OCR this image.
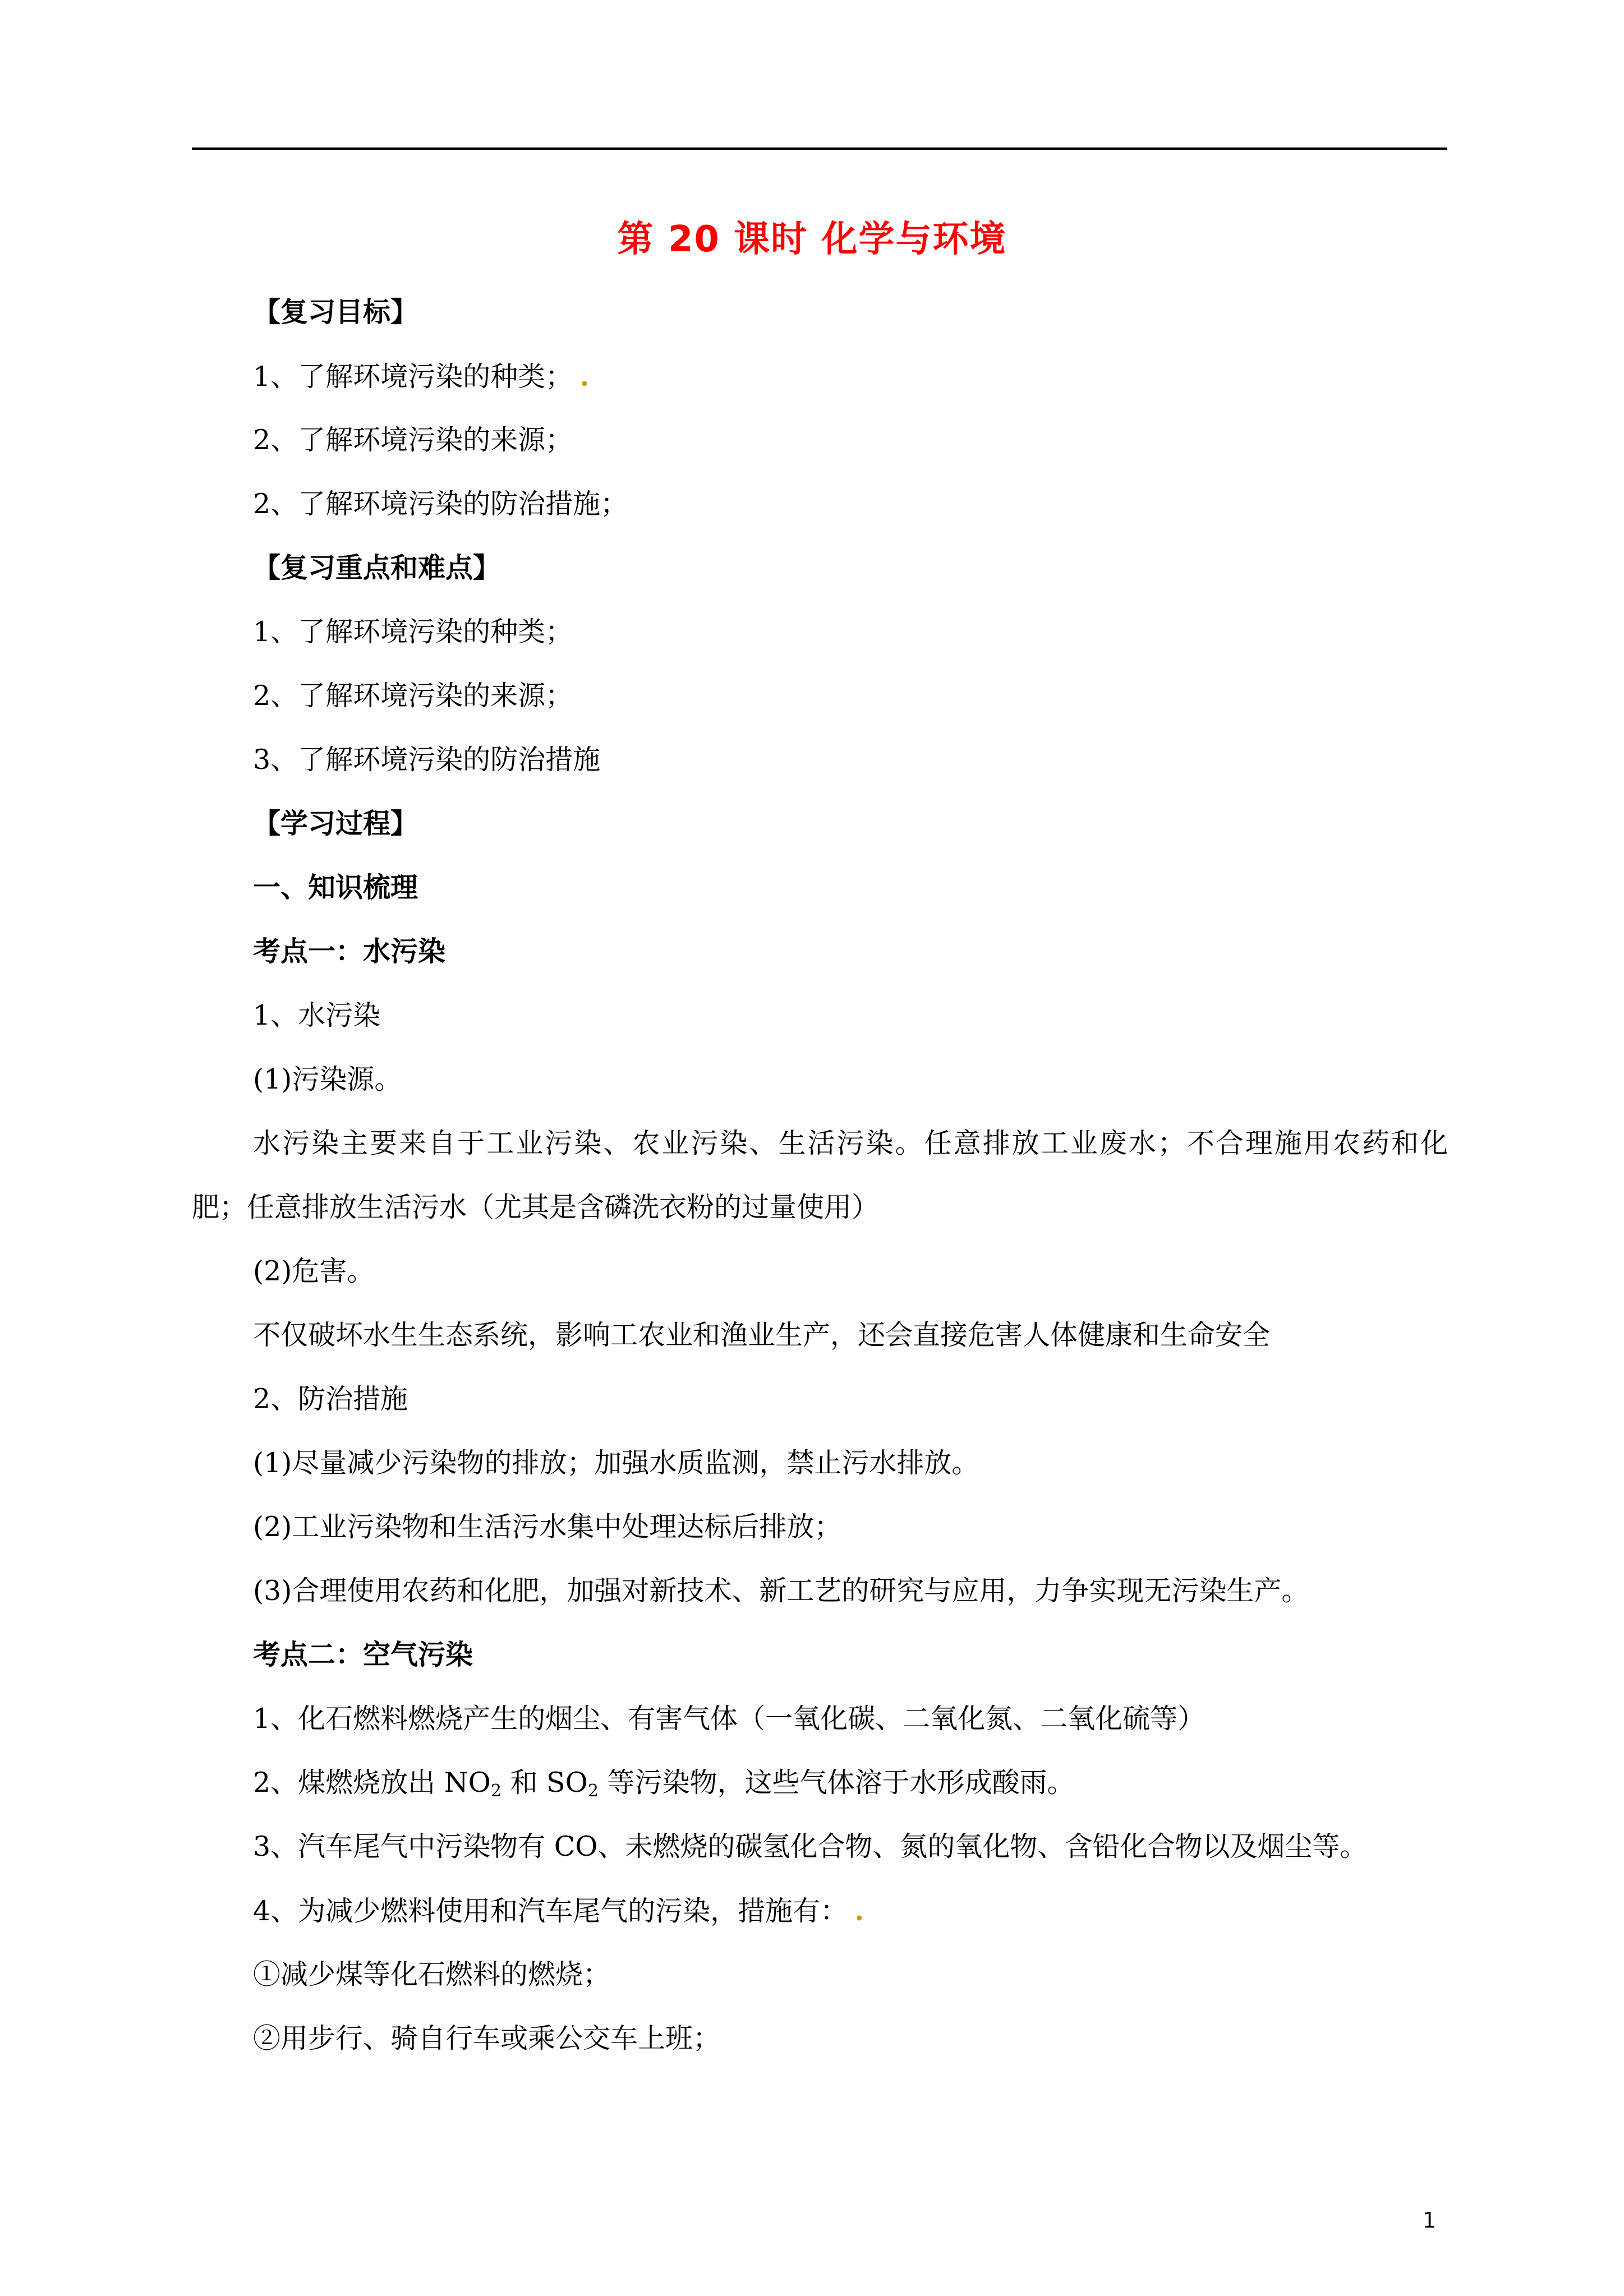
第 20 课时 化学与环境
【复习目标】
1、了解环境污染的种类； .
2、了解环境污染的来源；
2、了解环境污染的防治措施；
【复习重点和难点】
1、了解环境污染的种类；
2、了解环境污染的来源；
3、了解环境污染的防治措施
【学习过程】
一、知识梳理
考点一：水污染
1、水污染
(1)污染源。
水污染主要来自于工业污染、农业污染、生活污染。任意排放工业废水；不合理施用农药和化
肥；任意排放生活污水（尤其是含磷洗衣粉的过量使用）
(2)危害。
不仅破坏水生生态系统，影响工农业和渔业生产，还会直接危害人体健康和生命安全
2、防治措施
(1)尽量减少污染物的排放；加强水质监测，禁止污水排放。
(2)工业污染物和生活污水集中处理达标后排放；
(3)合理使用农药和化肥，加强对新技术、新工艺的研究与应用，力争实现无污染生产。
考点二：空气污染
1、化石燃料燃烧产生的烟尘、有害气体（一氧化碳、二氧化氮、二氧化硫等）
2、煤燃烧放出 $NO_2$ 和 $SO_2$ 等污染物，这些气体溶于水形成酸雨。
3、汽车尾气中污染物有 CO、未燃烧的碳氢化合物、氮的氧化物、含铅化合物以及烟尘等。
4、为减少燃料使用和汽车尾气的污染，措施有： .
①减少煤等化石燃料的燃烧；
②用步行、骑自行车或乘公交车上班；
1
